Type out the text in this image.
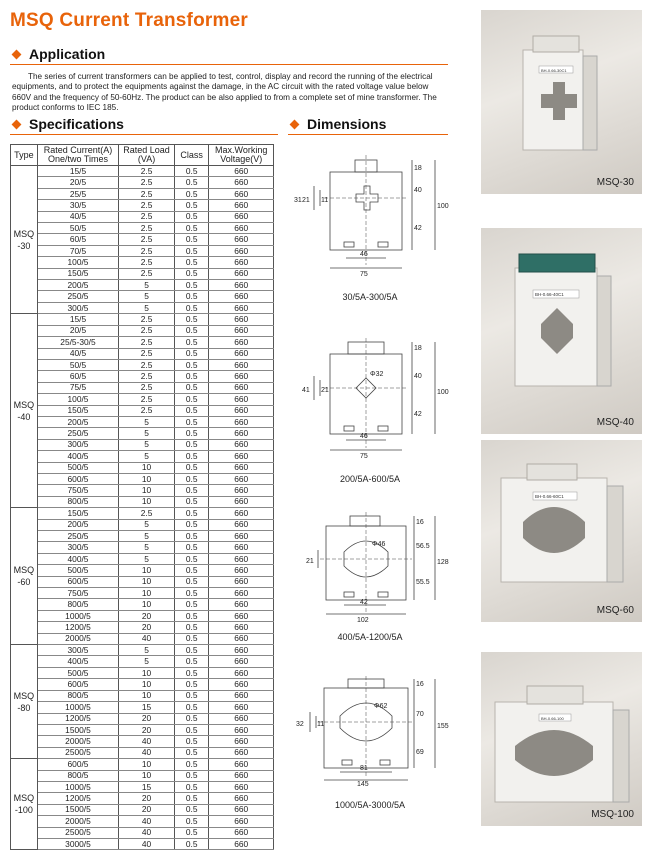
MSQ Current Transformer
Application

The series of current transformers can be applied to test, control, display and record the running of the electrical equipments, and to protect the equipments against the damage, in the AC circuit with the rated voltage value below 660V and the frequency of 50-60Hz. The product can be also applied to from a complete set of mine transformer. The product conforms to IEC 185.

Specifications
Type	Rated Current(A) One/two Times	Rated Load (VA)	Class	Max.Working Voltage(V)
MSQ -30	15/5	2.5	0.5	660
	20/5	2.5	0.5	660
	25/5	2.5	0.5	660
	30/5	2.5	0.5	660
	40/5	2.5	0.5	660
	50/5	2.5	0.5	660
	60/5	2.5	0.5	660
	70/5	2.5	0.5	660
	100/5	2.5	0.5	660
	150/5	2.5	0.5	660
	200/5	5	0.5	660
	250/5	5	0.5	660
	300/5	5	0.5	660
MSQ -40	15/5	2.5	0.5	660
	20/5	2.5	0.5	660
	25/5-30/5	2.5	0.5	660
	40/5	2.5	0.5	660
	50/5	2.5	0.5	660
	60/5	2.5	0.5	660
	75/5	2.5	0.5	660
	100/5	2.5	0.5	660
	150/5	2.5	0.5	660
	200/5	5	0.5	660
	250/5	5	0.5	660
	300/5	5	0.5	660
	400/5	5	0.5	660
	500/5	10	0.5	660
	600/5	10	0.5	660
	750/5	10	0.5	660
	800/5	10	0.5	660
MSQ -60	150/5	2.5	0.5	660
	200/5	5	0.5	660
	250/5	5	0.5	660
	300/5	5	0.5	660
	400/5	5	0.5	660
	500/5	10	0.5	660
	600/5	10	0.5	660
	750/5	10	0.5	660
	800/5	10	0.5	660
	1000/5	20	0.5	660
	1200/5	20	0.5	660
	2000/5	40	0.5	660
MSQ -80	300/5	5	0.5	660
	400/5	5	0.5	660
	500/5	10	0.5	660
	600/5	10	0.5	660
	800/5	10	0.5	660
	1000/5	15	0.5	660
	1200/5	20	0.5	660
	1500/5	20	0.5	660
	2000/5	40	0.5	660
	2500/5	40	0.5	660
MSQ -100	600/5	10	0.5	660
	800/5	10	0.5	660
	1000/5	15	0.5	660
	1200/5	20	0.5	660
	1500/5	20	0.5	660
	2000/5	40	0.5	660
	2500/5	40	0.5	660
	3000/5	40	0.5	660
Dimensions
18
40
42
100
31 21 11
46
75
30/5A-300/5A
Φ32
18
40
42
100
41 21
46
75
200/5A-600/5A
Φ46
16
56.5
55.5
128
21
42
102
400/5A-1200/5A
Φ62
16
70
69
155
32 11
81
145
1000/5A-3000/5A
BH-0.66-30C1
MSQ-30
BH-0.66-40C1
MSQ-40
BH-0.66-60C1
MSQ-60
BH-0.66-100
MSQ-100
